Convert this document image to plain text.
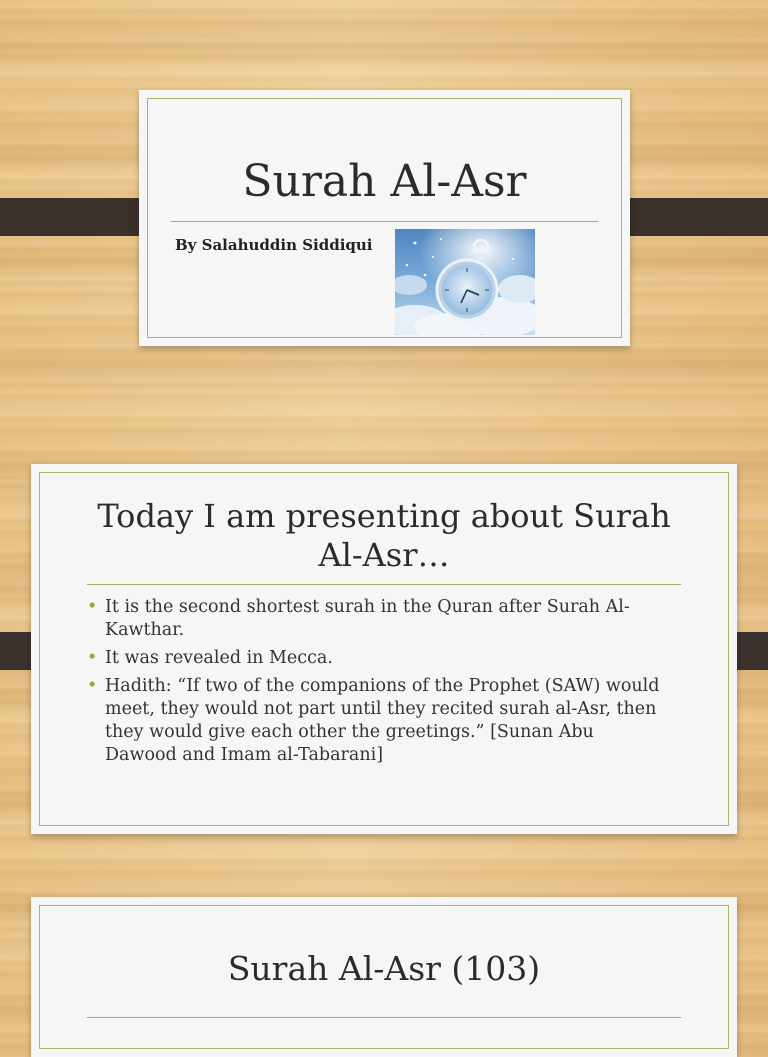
Surah Al-Asr
By Salahuddin Siddiqui
Today I am presenting about Surah Al-Asr…
• It is the second shortest surah in the Quran after Surah Al-Kawthar.
• It was revealed in Mecca.
• Hadith: “If two of the companions of the Prophet (SAW) would meet, they would not part until they recited surah al-Asr, then they would give each other the greetings.” [Sunan Abu Dawood and Imam al-Tabarani]
Surah Al-Asr (103)
